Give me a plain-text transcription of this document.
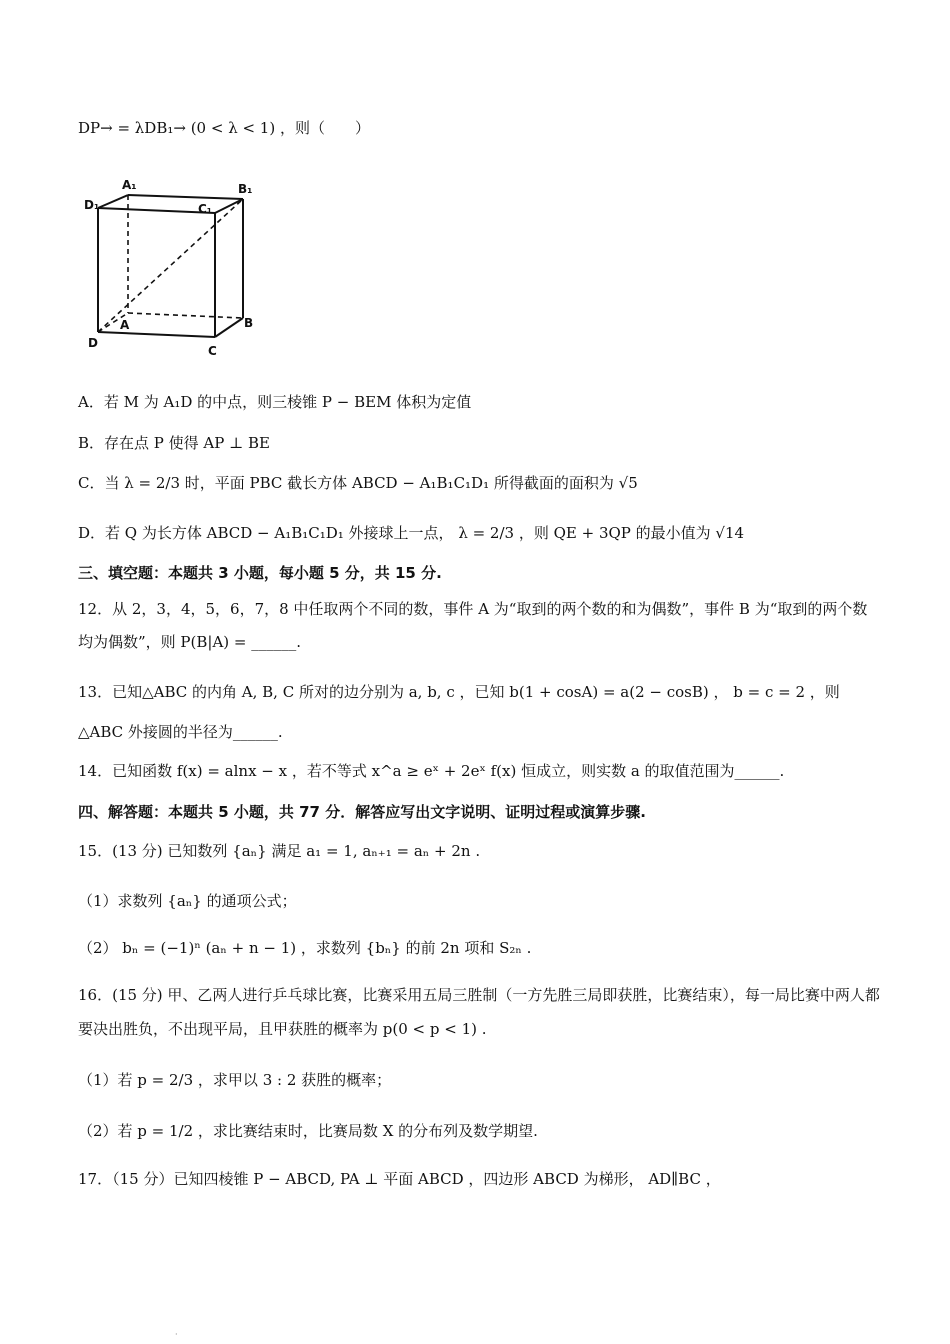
DP→ = λDB₁→ (0 < λ < 1) ，则（　　）
A₁	B₁
C₁
D₁
A	B
C
D
A．若 M 为 A₁D 的中点，则三棱锥 P − BEM 体积为定值
B．存在点 P 使得 AP ⊥ BE
C．当 λ = 2/3 时，平面 PBC 截长方体 ABCD − A₁B₁C₁D₁ 所得截面的面积为 √5
D．若 Q 为长方体 ABCD − A₁B₁C₁D₁ 外接球上一点， λ = 2/3 ，则 QE + 3QP 的最小值为 √14
三、填空题：本题共 3 小题，每小题 5 分，共 15 分.
12．从 2，3，4，5，6，7，8 中任取两个不同的数，事件 A 为“取到的两个数的和为偶数”，事件 B 为“取到的两个数均为偶数”，则 P(B|A) = ______.
13．已知△ABC 的内角 A, B, C 所对的边分别为 a, b, c ，已知 b(1 + cosA) = a(2 − cosB) ， b = c = 2 ，则
△ABC 外接圆的半径为______.
14．已知函数 f(x) = alnx − x ，若不等式 x^a ≥ eˣ + 2eˣ f(x) 恒成立，则实数 a 的取值范围为______.
四、解答题：本题共 5 小题，共 77 分．解答应写出文字说明、证明过程或演算步骤.
15．(13 分) 已知数列 {aₙ} 满足 a₁ = 1, aₙ₊₁ = aₙ + 2n .
（1）求数列 {aₙ} 的通项公式；
（2） bₙ = (−1)ⁿ (aₙ + n − 1) ，求数列 {bₙ} 的前 2n 项和 S₂ₙ .
16．(15 分) 甲、乙两人进行乒乓球比赛，比赛采用五局三胜制（一方先胜三局即获胜，比赛结束），每一局比赛中两人都要决出胜负，不出现平局，且甲获胜的概率为 p(0 < p < 1) .
（1）若 p = 2/3 ，求甲以 3 : 2 获胜的概率；
（2）若 p = 1/2 ，求比赛结束时，比赛局数 X 的分布列及数学期望.
17．（15 分）已知四棱锥 P − ABCD, PA ⊥ 平面 ABCD ，四边形 ABCD 为梯形， AD∥BC ，
·
